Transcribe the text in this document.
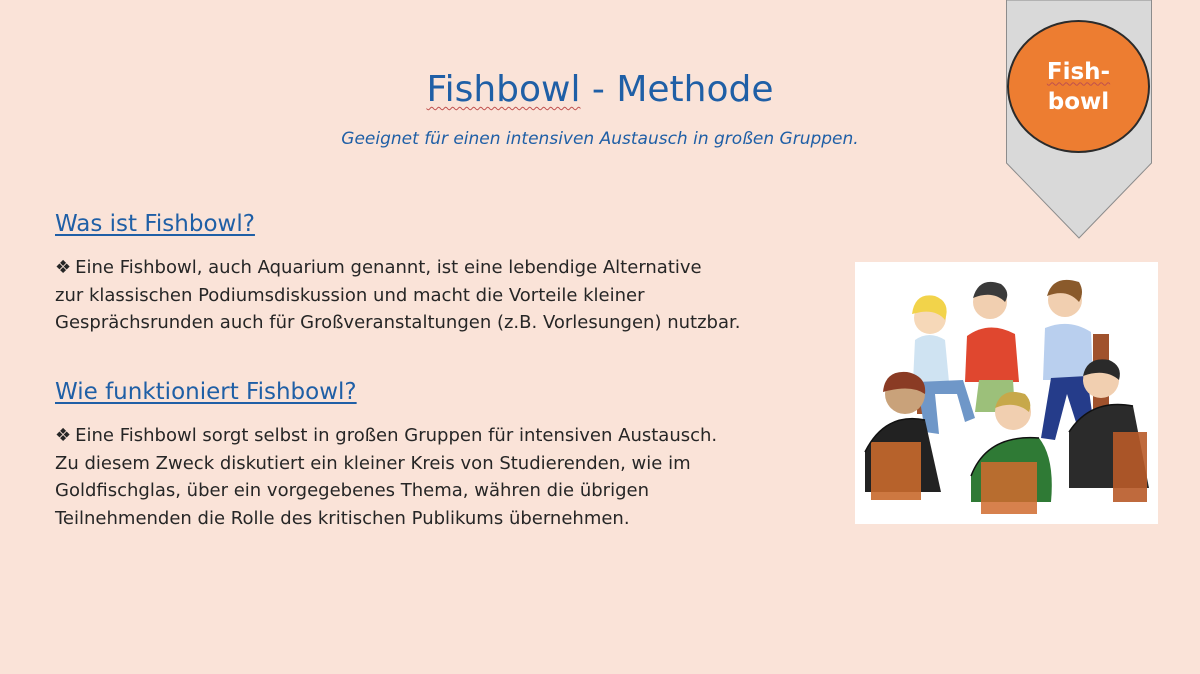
Fishbowl - Methode
Geeignet für einen intensiven Austausch in großen Gruppen.
Fish-
bowl
Was ist Fishbowl?
❖ Eine Fishbowl, auch Aquarium genannt, ist eine lebendige Alternative
zur klassischen Podiumsdiskussion und macht die Vorteile kleiner
Gesprächsrunden auch für Großveranstaltungen (z.B. Vorlesungen) nutzbar.
Wie funktioniert Fishbowl?
❖ Eine Fishbowl sorgt selbst in großen Gruppen für intensiven Austausch.
Zu diesem Zweck diskutiert ein kleiner Kreis von Studierenden, wie im
Goldfischglas, über ein vorgegebenes Thema, währen die übrigen
Teilnehmenden die Rolle des kritischen Publikums übernehmen.
